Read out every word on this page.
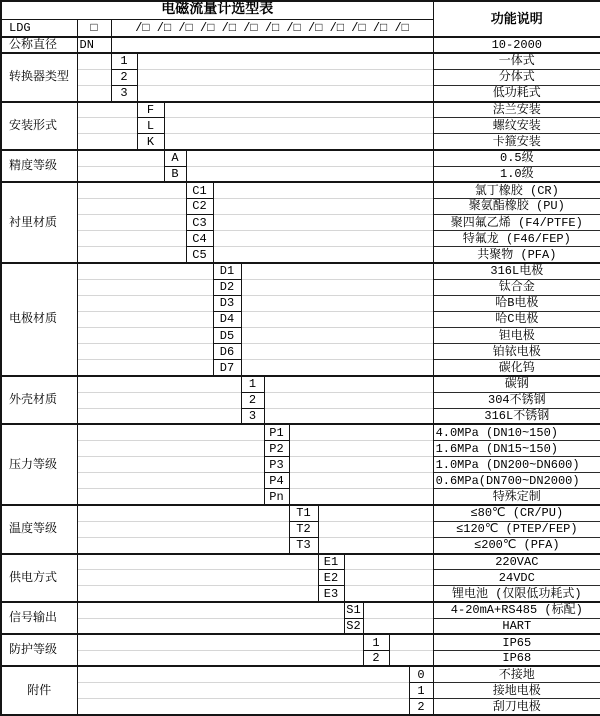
电磁流量计选型表															功能说明
LDG	□	/□ /□ /□ /□ /□ /□ /□ /□ /□ /□ /□ /□ /□													
公称直径	DN														10-2000
转换器类型		1													一体式
		2													分体式
		3													低功耗式
安装形式			F												法兰安装
			L												螺纹安装
			K												卡箍安装
精度等级				A											0.5级
				B											1.0级
衬里材质					C1										氯丁橡胶 (CR)
					C2										聚氨酯橡胶 (PU)
					C3										聚四氟乙烯 (F4/PTFE)
					C4										特氟龙 (F46/FEP)
					C5										共聚物 (PFA)
电极材质						D1									316L电极
						D2									钛合金
						D3									哈B电极
						D4									哈C电极
						D5									钽电极
						D6									铂铱电极
						D7									碳化钨
外壳材质							1								碳钢
							2								304不锈钢
							3								316L不锈钢
压力等级								P1							4.0MPa (DN10~150)
								P2							1.6MPa (DN15~150)
								P3							1.0MPa (DN200~DN600)
								P4							0.6MPa(DN700~DN2000)
								Pn							特殊定制
温度等级									T1						≤80℃ (CR/PU)
									T2						≤120℃ (PTEP/FEP)
									T3						≤200℃ (PFA)
供电方式										E1					220VAC
										E2					24VDC
										E3					锂电池 (仅限低功耗式)
信号输出											S1				4-20mA+RS485 (标配)
											S2				HART
防护等级												1			IP65
												2			IP68
附件														0	不接地
														1	接地电极
														2	刮刀电极
